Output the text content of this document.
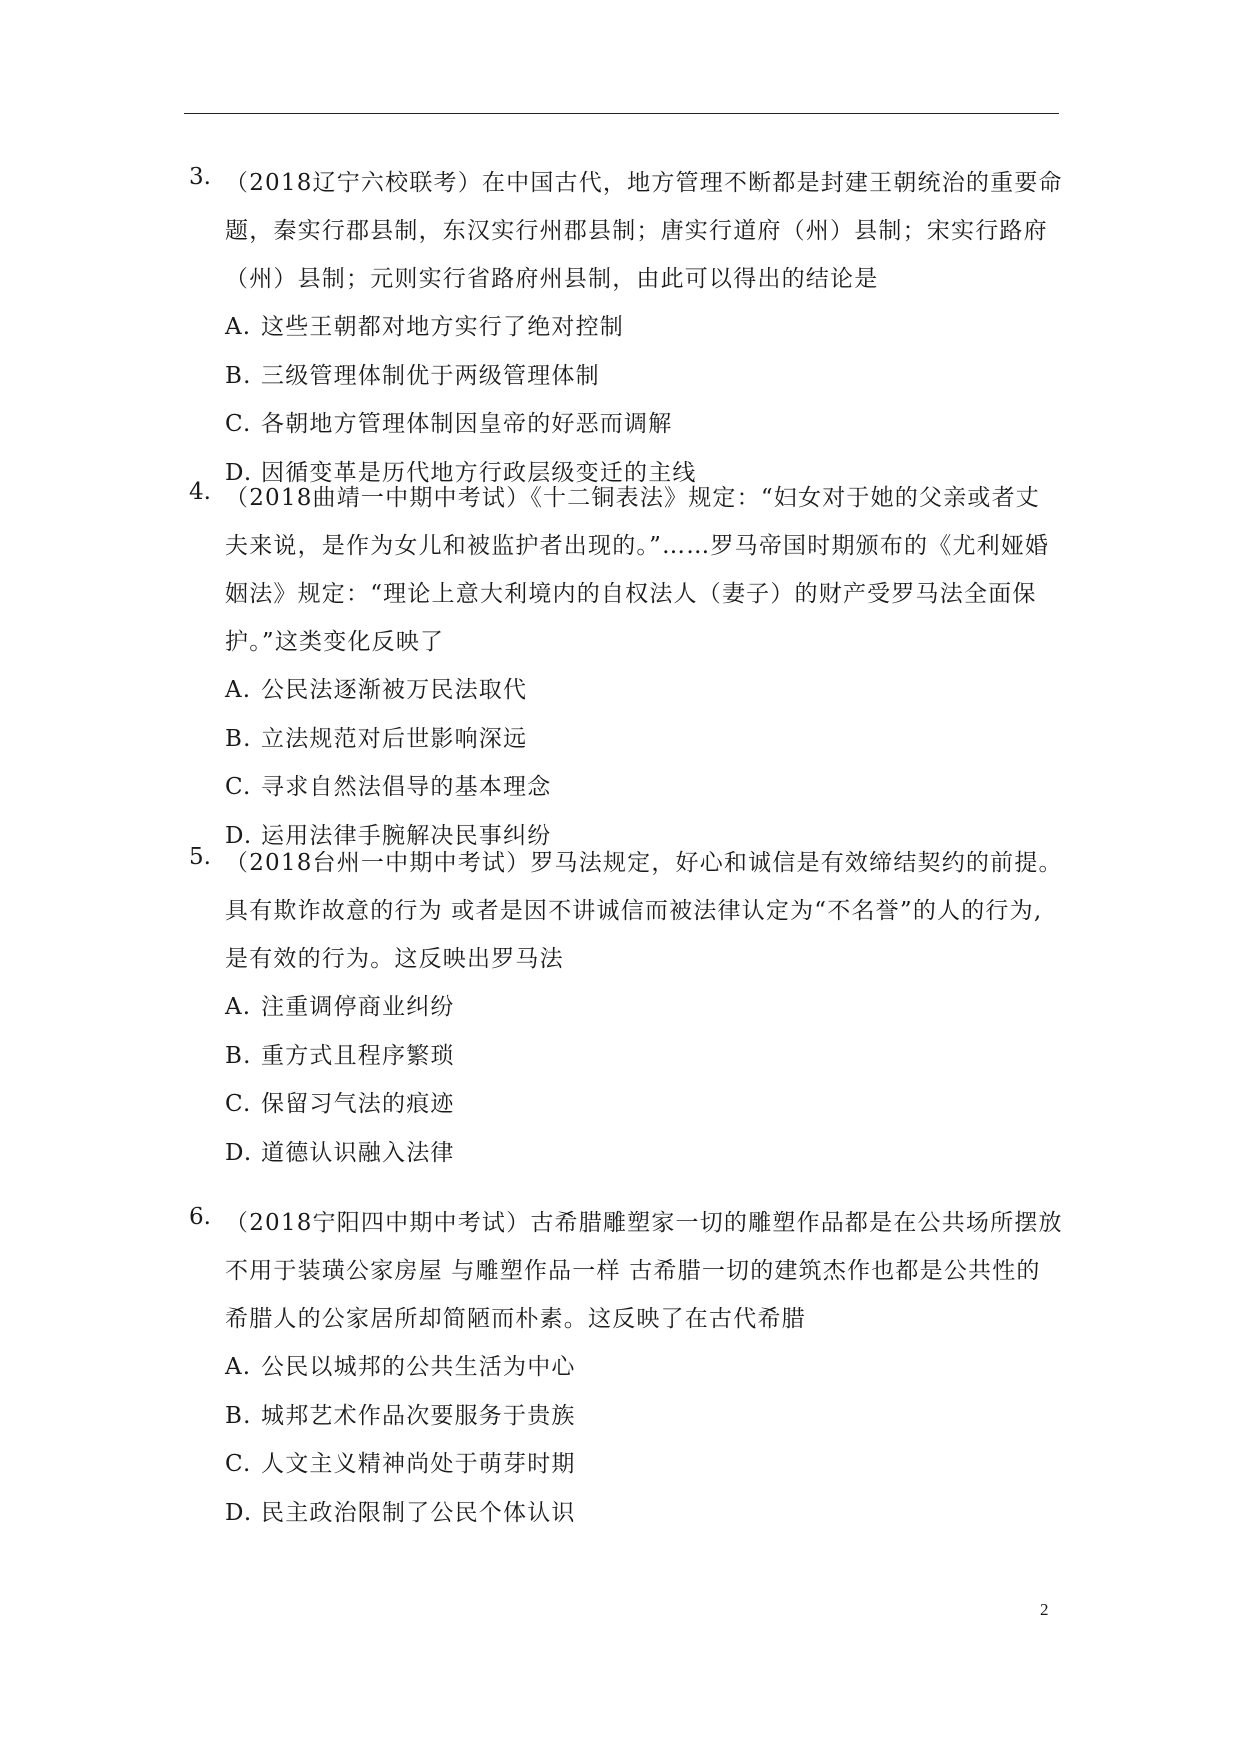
3. （2018辽宁六校联考）在中国古代，地方管理不断都是封建王朝统治的重要命
题，秦实行郡县制，东汉实行州郡县制；唐实行道府（州）县制；宋实行路府
（州）县制；元则实行省路府州县制，由此可以得出的结论是
A. 这些王朝都对地方实行了绝对控制
B. 三级管理体制优于两级管理体制
C. 各朝地方管理体制因皇帝的好恶而调解
D. 因循变革是历代地方行政层级变迁的主线
4. （2018曲靖一中期中考试）《十二铜表法》规定：“妇女对于她的父亲或者丈
夫来说，是作为女儿和被监护者出现的。”……罗马帝国时期颁布的《尤利娅婚
姻法》规定：“理论上意大利境内的自权法人（妻子）的财产受罗马法全面保
护。”这类变化反映了
A. 公民法逐渐被万民法取代
B. 立法规范对后世影响深远
C. 寻求自然法倡导的基本理念
D. 运用法律手腕解决民事纠纷
5. （2018台州一中期中考试）罗马法规定，好心和诚信是有效缔结契约的前提。
具有欺诈故意的行为 或者是因不讲诚信而被法律认定为“不名誉”的人的行为,
是有效的行为。这反映出罗马法
A. 注重调停商业纠纷
B. 重方式且程序繁琐
C. 保留习气法的痕迹
D. 道德认识融入法律
6. （2018宁阳四中期中考试）古希腊雕塑家一切的雕塑作品都是在公共场所摆放
不用于装璜公家房屋 与雕塑作品一样 古希腊一切的建筑杰作也都是公共性的
希腊人的公家居所却简陋而朴素。这反映了在古代希腊
A. 公民以城邦的公共生活为中心
B. 城邦艺术作品次要服务于贵族
C. 人文主义精神尚处于萌芽时期
D. 民主政治限制了公民个体认识
2
